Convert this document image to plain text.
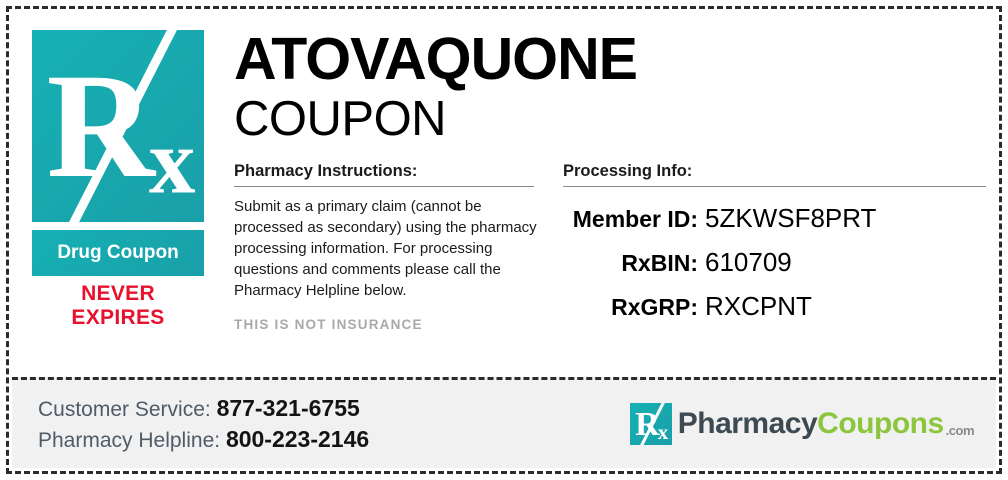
Rx
Drug Coupon
NEVER EXPIRES
ATOVAQUONE
COUPON
Pharmacy Instructions:
Submit as a primary claim (cannot be processed as secondary) using the pharmacy processing information. For processing questions and comments please call the Pharmacy Helpline below.
THIS IS NOT INSURANCE
Processing Info:
Member ID: 5ZKWSF8PRT
RxBIN: 610709
RxGRP: RXCPNT
Customer Service: 877-321-6755
Pharmacy Helpline: 800-223-2146	Rx Pharmacy Coupons .com
